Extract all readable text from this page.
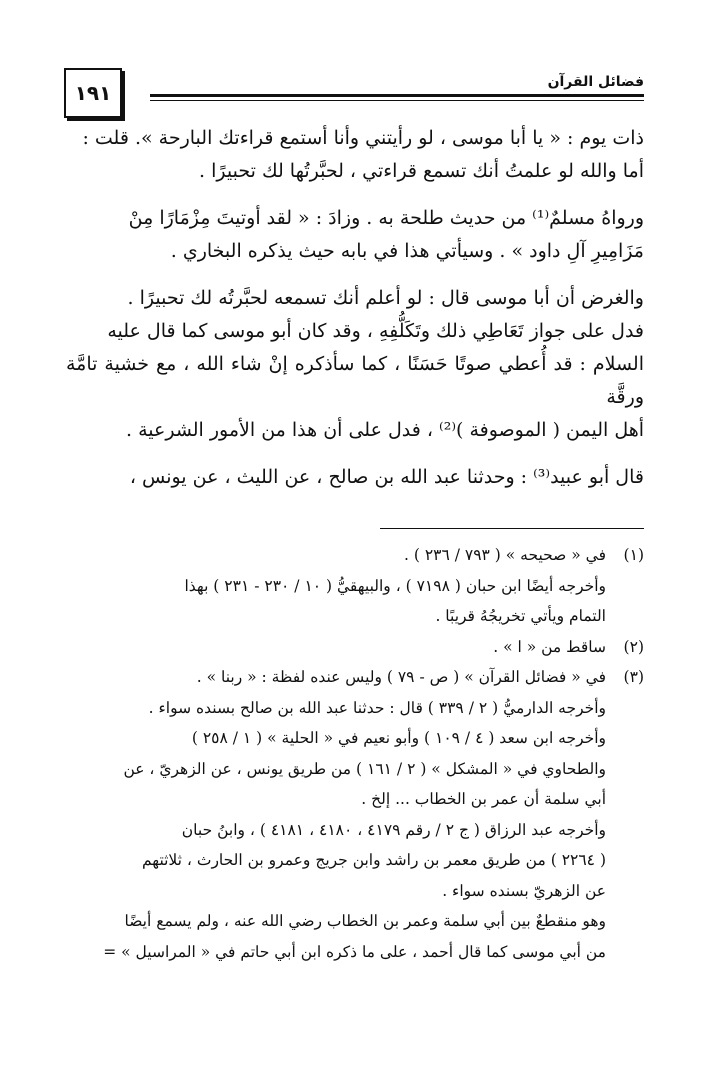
١٩١	فضائل القرآن

ذات يوم : « يا أبا موسى ، لو رأيتني وأنا أستمع قراءتك البارحة ». قلت :
أما والله لو علمتُ أنك تسمع قراءتي ، لحبَّرتُها لك تحبيرًا .

ورواهُ مسلمٌ⁽¹⁾ من حديث طلحة به . وزادَ : « لقد أوتيتَ مِزْمَارًا مِنْ
مَزَامِيرِ آلِ داود » . وسيأتي هذا في بابه حيث يذكره البخاري .

والغرض أن أبا موسى قال : لو أعلم أنك تسمعه لحبَّرتُه لك تحبيرًا .
فدل على جواز تَعَاطِي ذلك وتَكَلُّفِهِ ، وقد كان أبو موسى كما قال عليه
السلام : قد أُعطي صوتًا حَسَنًا ، كما سأذكره إنْ شاء الله ، مع خشية تامَّة ورقَّة
أهل اليمن ( الموصوفة )⁽²⁾ ، فدل على أن هذا من الأمور الشرعية .

قال أبو عبيد⁽³⁾ : وحدثنا عبد الله بن صالح ، عن الليث ، عن يونس ،

(١)
في « صحيحه » ( ٧٩٣ / ٢٣٦ ) .
وأخرجه أيضًا ابن حبان ( ٧١٩٨ ) ، والبيهقيُّ ( ١٠ / ٢٣٠ - ٢٣١ ) بهذا
التمام ويأتي تخريجُهُ قريبًا .
(٢)
ساقط من « ا » .
(٣)
في « فضائل القرآن » ( ص - ٧٩ ) وليس عنده لفظة : « ربنا » .
وأخرجه الدارميُّ ( ٢ / ٣٣٩ ) قال : حدثنا عبد الله بن صالح بسنده سواء .
وأخرجه ابن سعد ( ٤ / ١٠٩ ) وأبو نعيم في « الحلية » ( ١ / ٢٥٨ )
والطحاوي في « المشكل » ( ٢ / ١٦١ ) من طريق يونس ، عن الزهريّ ، عن
أبي سلمة أن عمر بن الخطاب ... إلخ .
وأخرجه عبد الرزاق ( ج ٢ / رقم ٤١٧٩ ، ٤١٨٠ ، ٤١٨١ ) ، وابنُ حبان
( ٢٢٦٤ ) من طريق معمر بن راشد وابن جريج وعمرو بن الحارث ، ثلاثتهم
عن الزهريّ بسنده سواء .
وهو منقطعٌ بين أبي سلمة وعمر بن الخطاب رضي الله عنه ، ولم يسمع أيضًا
من أبي موسى كما قال أحمد ، على ما ذكره ابن أبي حاتم في « المراسيل » =
